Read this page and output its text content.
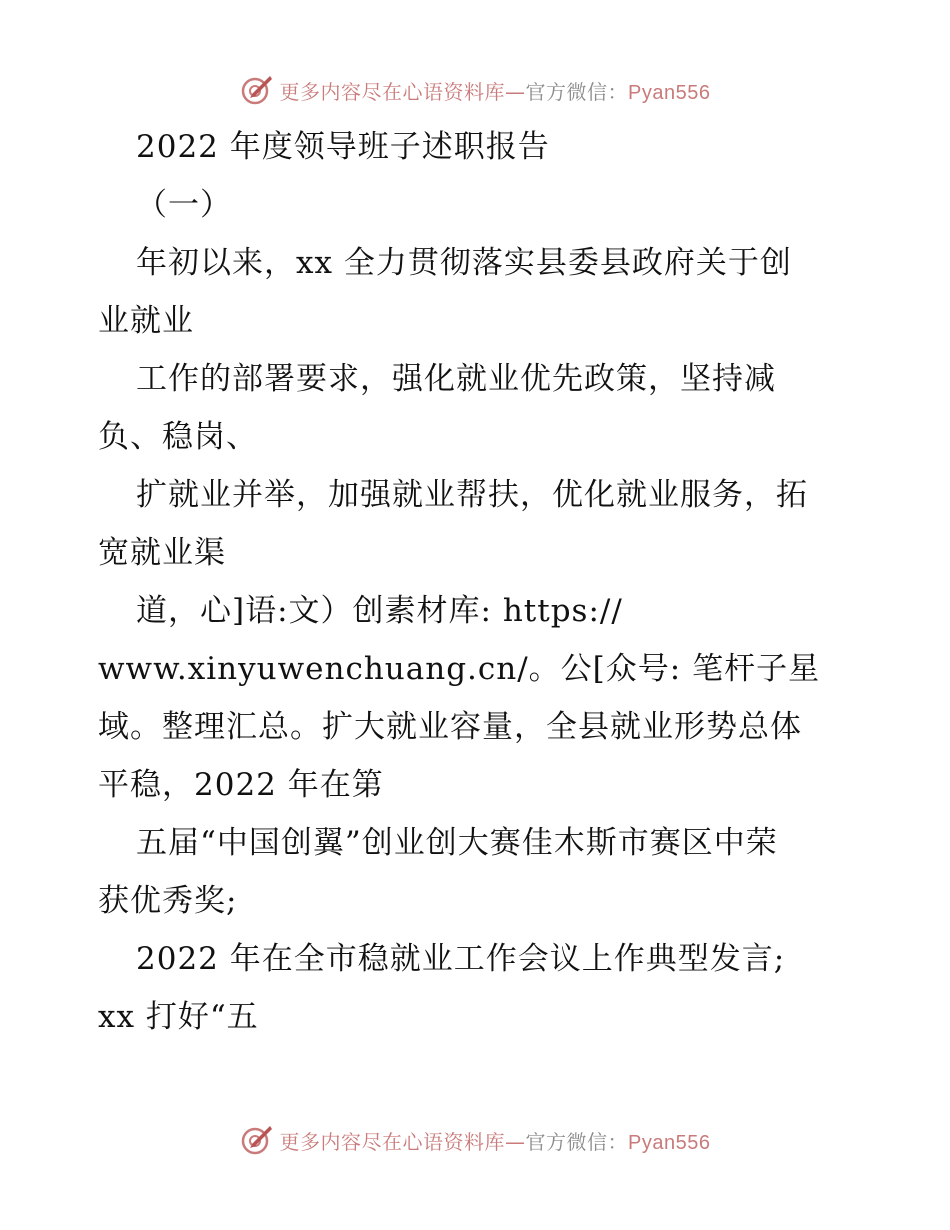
更多内容尽在心语资料库—官方微信：Pyan556
2022 年度领导班子述职报告
（一）
年初以来，xx 全力贯彻落实县委县政府关于创
业就业
工作的部署要求，强化就业优先政策，坚持减
负、稳岗、
扩就业并举，加强就业帮扶，优化就业服务，拓
宽就业渠
道，心]语:文）创素材库: https://
www.xinyuwenchuang.cn/。公[众号: 笔杆子星
域。整理汇总。扩大就业容量，全县就业形势总体
平稳，2022 年在第
五届“中国创翼”创业创大赛佳木斯市赛区中荣
获优秀奖;
2022 年在全市稳就业工作会议上作典型发言;
xx 打好“五
更多内容尽在心语资料库—官方微信：Pyan556
